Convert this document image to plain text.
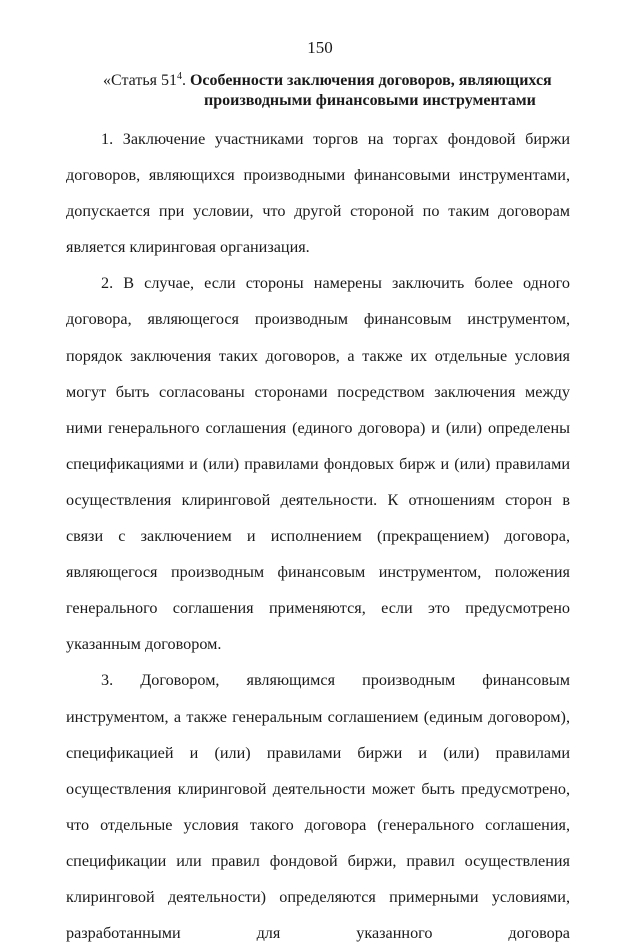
150
«Статья $51^4$. Особенности заключения договоров, являющихся
производными финансовыми инструментами

1. Заключение участниками торгов на торгах фондовой биржи договоров, являющихся производными финансовыми инструментами, допускается при условии, что другой стороной по таким договорам является клиринговая организация.

2. В случае, если стороны намерены заключить более одного договора, являющегося производным финансовым инструментом, порядок заключения таких договоров, а также их отдельные условия могут быть согласованы сторонами посредством заключения между ними генерального соглашения (единого договора) и (или) определены спецификациями и (или) правилами фондовых бирж и (или) правилами осуществления клиринговой деятельности. К отношениям сторон в связи с заключением и исполнением (прекращением) договора, являющегося производным финансовым инструментом, положения генерального соглашения применяются, если это предусмотрено указанным договором.

3. Договором, являющимся производным финансовым инструментом, а также генеральным соглашением (единым договором), спецификацией и (или) правилами биржи и (или) правилами осуществления клиринговой деятельности может быть предусмотрено, что отдельные условия такого договора (генерального соглашения, спецификации или правил фондовой биржи, правил осуществления клиринговой деятельности) определяются примерными условиями, разработанными для указанного договора
